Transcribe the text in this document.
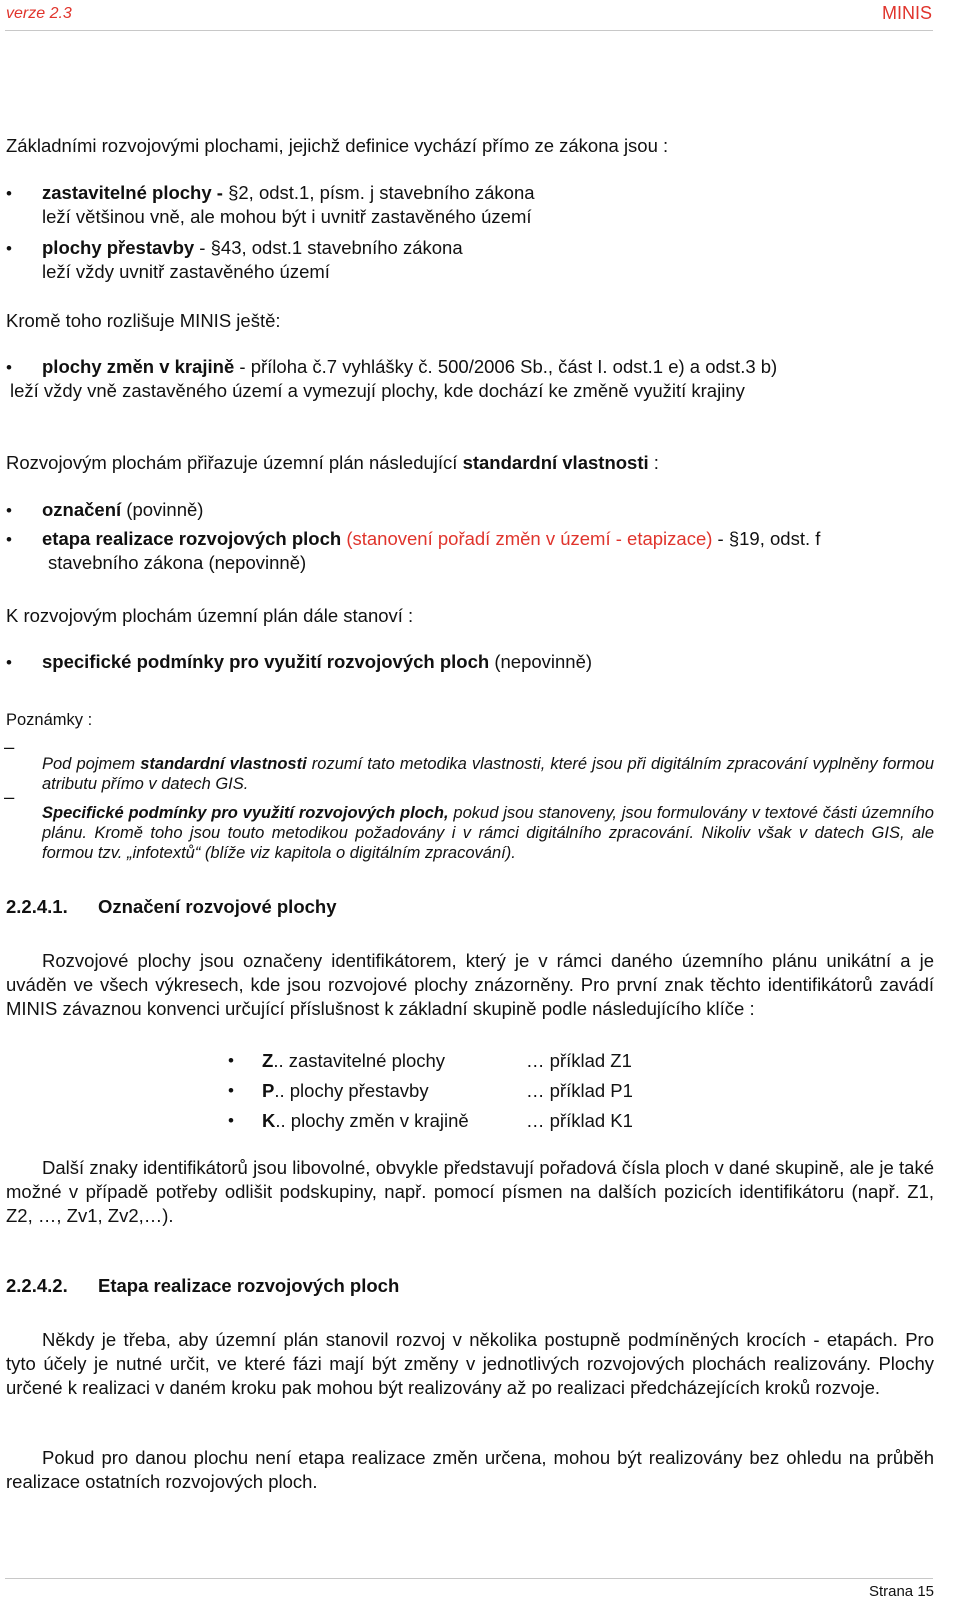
verze 2.3	MINIS

Základními rozvojovými plochami, jejichž definice vychází přímo ze zákona jsou :

• zastavitelné plochy - §2, odst.1, písm. j stavebního zákona
leží většinou vně, ale mohou být i uvnitř zastavěného území

• plochy přestavby - §43, odst.1 stavebního zákona
leží vždy uvnitř zastavěného území

Kromě toho rozlišuje MINIS ještě:

• plochy změn v krajině - příloha č.7 vyhlášky č. 500/2006 Sb., část I. odst.1 e) a odst.3 b)
leží vždy vně zastavěného území a vymezují plochy, kde dochází ke změně využití krajiny

Rozvojovým plochám přiřazuje územní plán následující standardní vlastnosti :

• označení (povinně)

• etapa realizace rozvojových ploch (stanovení pořadí změn v území - etapizace) - §19, odst. f
stavebního zákona (nepovinně)

K rozvojovým plochám územní plán dále stanoví :

• specifické podmínky pro využití rozvojových ploch (nepovinně)

Poznámky :

–

Pod pojmem standardní vlastnosti rozumí tato metodika vlastnosti, které jsou při digitálním zpracování vyplněny formou atributu přímo v datech GIS.

–

Specifické podmínky pro využití rozvojových ploch, pokud jsou stanoveny, jsou formulovány v textové části územního plánu. Kromě toho jsou touto metodikou požadovány i v rámci digitálního zpracování. Nikoliv však v datech GIS, ale formou tzv. „infotextů“ (blíže viz kapitola o digitálním zpracování).

2.2.4.1. Označení rozvojové plochy

Rozvojové plochy jsou označeny identifikátorem, který je v rámci daného územního plánu unikátní a je uváděn ve všech výkresech, kde jsou rozvojové plochy znázorněny. Pro první znak těchto identifikátorů zavádí MINIS závaznou konvenci určující příslušnost k základní skupině podle následujícího klíče :

• Z.. zastavitelné plochy	… příklad Z1
• P.. plochy přestavby	… příklad P1
• K.. plochy změn v krajině	… příklad K1

Další znaky identifikátorů jsou libovolné, obvykle představují pořadová čísla ploch v dané skupině, ale je také možné v případě potřeby odlišit podskupiny, např. pomocí písmen na dalších pozicích identifikátoru (např. Z1, Z2, …, Zv1, Zv2,…).

2.2.4.2. Etapa realizace rozvojových ploch

Někdy je třeba, aby územní plán stanovil rozvoj v několika postupně podmíněných krocích - etapách. Pro tyto účely je nutné určit, ve které fázi mají být změny v jednotlivých rozvojových plochách realizovány. Plochy určené k realizaci v daném kroku pak mohou být realizovány až po realizaci předcházejících kroků rozvoje.

Pokud pro danou plochu není etapa realizace změn určena, mohou být realizovány bez ohledu na průběh realizace ostatních rozvojových ploch.

Strana 15
